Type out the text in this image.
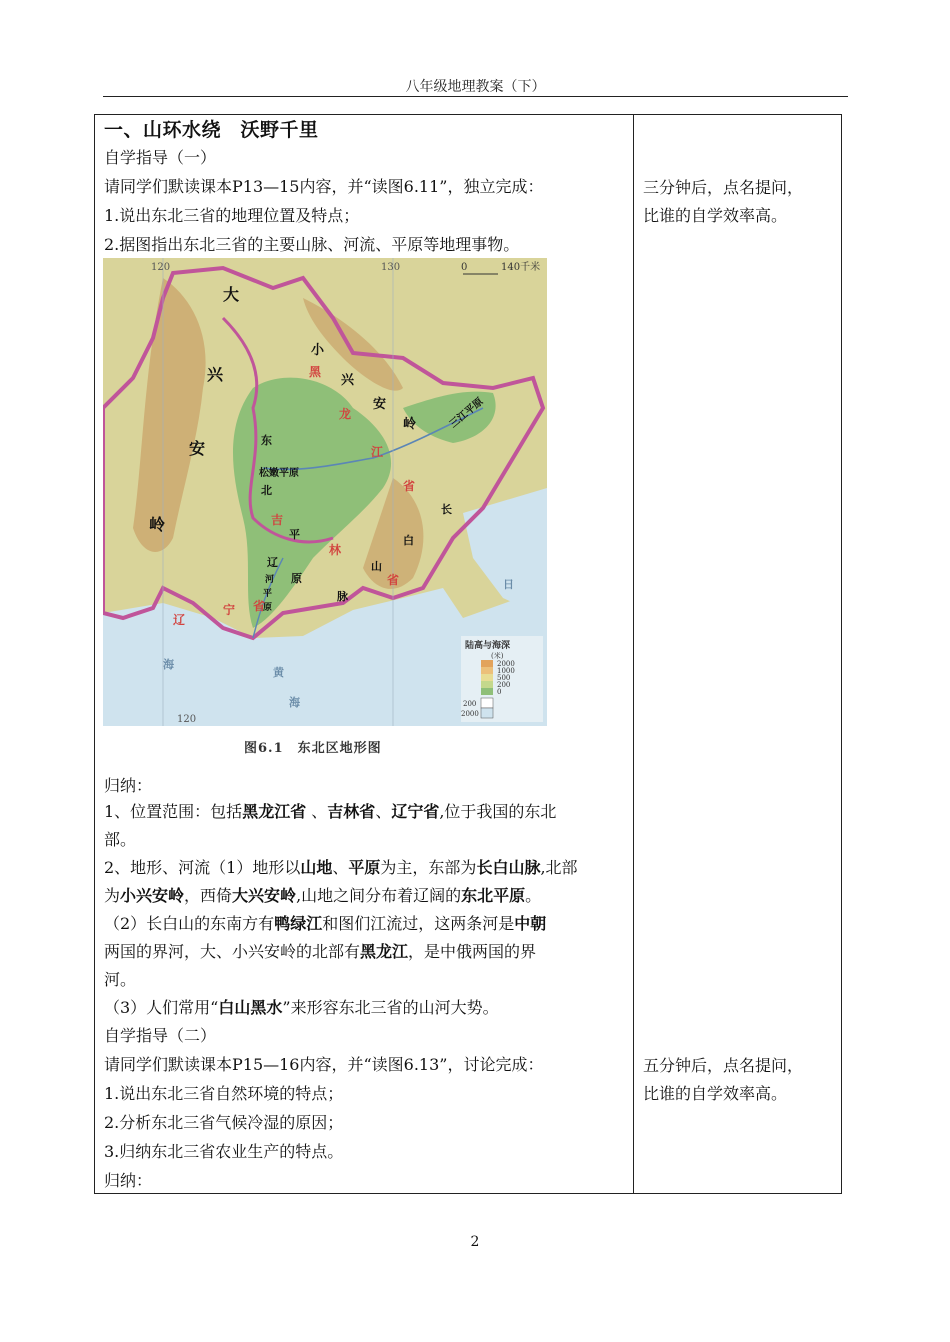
八年级地理教案（下）
一、山环水绕　沃野千里
自学指导（一）
请同学们默读课本P13—15内容，并“读图6.11”，独立完成：
1.说出东北三省的地理位置及特点；
2.据图指出东北三省的主要山脉、河流、平原等地理事物。
三分钟后，点名提问，
比谁的自学效率高。
120	130
120
0	140千米
大
兴
安
岭
小
兴
安
岭
黑
龙
江
省
东
北
松嫩平原
三江平原
平
原
辽
河
平
原
长
白
山
脉
吉
林
省
辽
宁 省
海
黄
海
日
陆高与海深
(米)
2000
1000
500
200
0
200
2000
图6.1　东北区地形图
归纳：
1、位置范围：包括黑龙江省 、吉林省、辽宁省,位于我国的东北
部。
2、地形、河流（1）地形以山地、平原为主，东部为长白山脉,北部
为小兴安岭，西倚大兴安岭,山地之间分布着辽阔的东北平原。
（2）长白山的东南方有鸭绿江和图们江流过，这两条河是中朝
两国的界河，大、小兴安岭的北部有黑龙江，是中俄两国的界
河。
（3）人们常用“白山黑水”来形容东北三省的山河大势。
自学指导（二）
请同学们默读课本P15—16内容，并“读图6.13”，讨论完成：
1.说出东北三省自然环境的特点；
2.分析东北三省气候冷湿的原因；
3.归纳东北三省农业生产的特点。
归纳：
五分钟后，点名提问，
比谁的自学效率高。
2
